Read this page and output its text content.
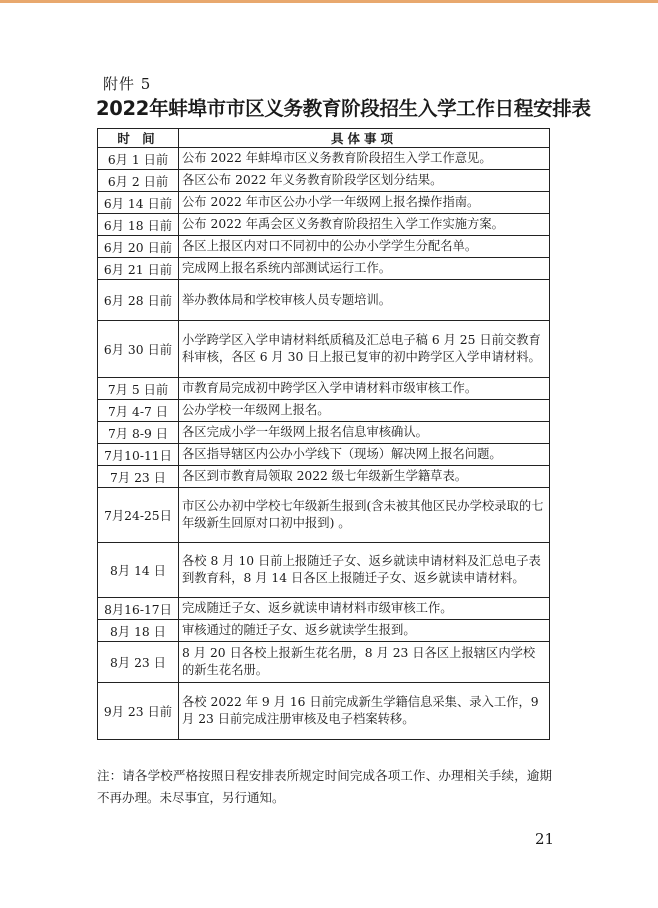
附件 5
2022年蚌埠市市区义务教育阶段招生入学工作日程安排表
时 间	具体事项
6月 1 日前	公布 2022 年蚌埠市区义务教育阶段招生入学工作意见。
6月 2 日前	各区公布 2022 年义务教育阶段学区划分结果。
6月 14 日前	公布 2022 年市区公办小学一年级网上报名操作指南。
6月 18 日前	公布 2022 年禹会区义务教育阶段招生入学工作实施方案。
6月 20 日前	各区上报区内对口不同初中的公办小学学生分配名单。
6月 21 日前	完成网上报名系统内部测试运行工作。
6月 28 日前	举办教体局和学校审核人员专题培训。
6月 30 日前	小学跨学区入学申请材料纸质稿及汇总电子稿 6 月 25 日前交教育科审核，各区 6 月 30 日上报已复审的初中跨学区入学申请材料。
7月 5 日前	市教育局完成初中跨学区入学申请材料市级审核工作。
7月 4-7 日	公办学校一年级网上报名。
7月 8-9 日	各区完成小学一年级网上报名信息审核确认。
7月10-11日	各区指导辖区内公办小学线下（现场）解决网上报名问题。
7月 23 日	各区到市教育局领取 2022 级七年级新生学籍草表。
7月24-25日	市区公办初中学校七年级新生报到(含未被其他区民办学校录取的七年级新生回原对口初中报到) 。
8月 14 日	各校 8 月 10 日前上报随迁子女、返乡就读申请材料及汇总电子表到教育科，8 月 14 日各区上报随迁子女、返乡就读申请材料。
8月16-17日	完成随迁子女、返乡就读申请材料市级审核工作。
8月 18 日	审核通过的随迁子女、返乡就读学生报到。
8月 23 日	8 月 20 日各校上报新生花名册，8 月 23 日各区上报辖区内学校的新生花名册。
9月 23 日前	各校 2022 年 9 月 16 日前完成新生学籍信息采集、录入工作，9 月 23 日前完成注册审核及电子档案转移。
注：请各学校严格按照日程安排表所规定时间完成各项工作、办理相关手续，逾期不再办理。未尽事宜，另行通知。
21
